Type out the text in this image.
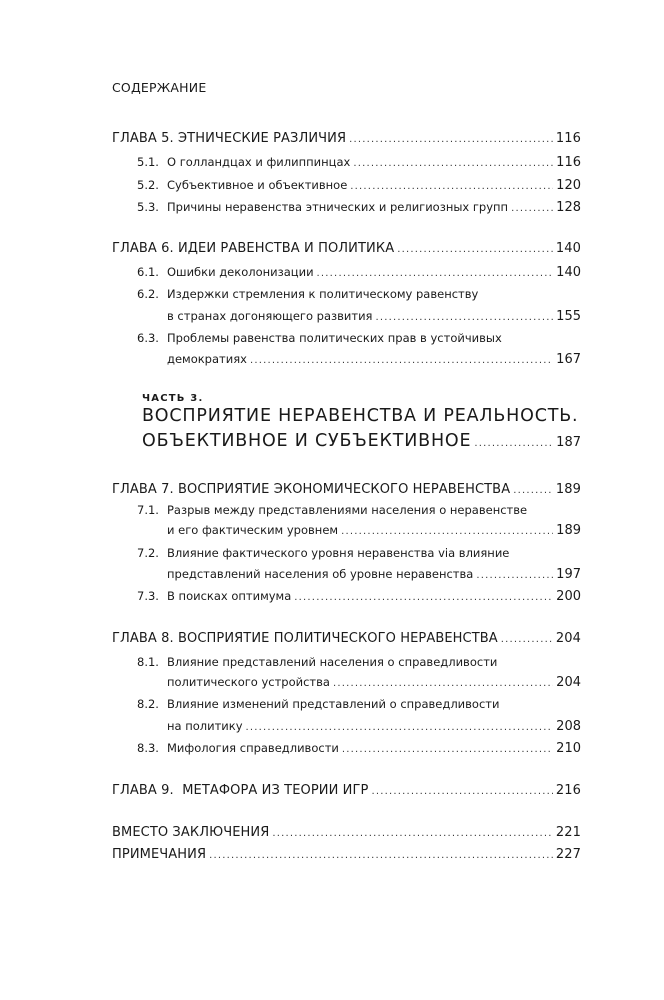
СОДЕРЖАНИЕ
ГЛАВА 5. ЭТНИЧЕСКИЕ РАЗЛИЧИЯ .....	116
5.1. О голландцах и филиппинцах .....	116
5.2. Субъективное и объективное .....	120
5.3. Причины неравенства этнических и религиозных групп .....	128
ГЛАВА 6. ИДЕИ РАВЕНСТВА И ПОЛИТИКА .....	140
6.1. Ошибки деколонизации .....	140
6.2. Издержки стремления к политическому равенству
в странах догоняющего развития .....	155
6.3. Проблемы равенства политических прав в устойчивых
демократиях .....	167
ЧАСТЬ 3.
ВОСПРИЯТИЕ НЕРАВЕНСТВА И РЕАЛЬНОСТЬ.
ОБЪЕКТИВНОЕ И СУБЪЕКТИВНОЕ .....	187
ГЛАВА 7. ВОСПРИЯТИЕ ЭКОНОМИЧЕСКОГО НЕРАВЕНСТВА .....	189
7.1. Разрыв между представлениями населения о неравенстве
и его фактическим уровнем .....	189
7.2. Влияние фактического уровня неравенства via влияние
представлений населения об уровне неравенства .....	197
7.3. В поисках оптимума .....	200
ГЛАВА 8. ВОСПРИЯТИЕ ПОЛИТИЧЕСКОГО НЕРАВЕНСТВА .....	204
8.1. Влияние представлений населения о справедливости
политического устройства .....	204
8.2. Влияние изменений представлений о справедливости
на политику .....	208
8.3. Мифология справедливости .....	210
ГЛАВА 9.  МЕТАФОРА ИЗ ТЕОРИИ ИГР .....	216
ВМЕСТО ЗАКЛЮЧЕНИЯ .....	221
ПРИМЕЧАНИЯ .....	227
